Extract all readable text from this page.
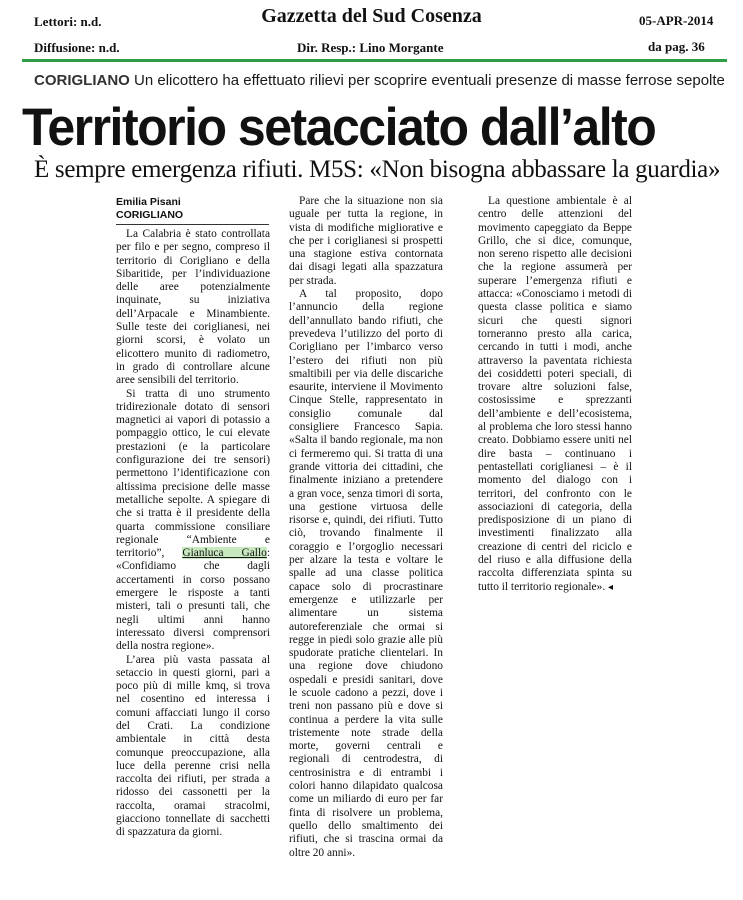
Lettori: n.d.	Gazzetta del Sud Cosenza	05-APR-2014
Diffusione: n.d.	Dir. Resp.: Lino Morgante	da pag. 36
CORIGLIANO Un elicottero ha effettuato rilievi per scoprire eventuali presenze di masse ferrose sepolte
Territorio setacciato dall’alto
È sempre emergenza rifiuti. M5S: «Non bisogna abbassare la guardia»
Emilia Pisani
CORIGLIANO

La Calabria è stato controllata per filo e per segno, compreso il territorio di Corigliano e della Sibaritide, per l’individuazione delle aree potenzialmente inquinate, su iniziativa dell’Arpacale e Minambiente. Sulle teste dei coriglianesi, nei giorni scorsi, è volato un elicottero munito di radiometro, in grado di controllare alcune aree sensibili del territorio.

Si tratta di uno strumento tridirezionale dotato di sensori magnetici ai vapori di potassio a pompaggio ottico, le cui elevate prestazioni (e la particolare configurazione dei tre sensori) permettono l’identificazione con altissima precisione delle masse metalliche sepolte. A spiegare di che si tratta è il presidente della quarta commissione consiliare regionale “Ambiente e territorio”, Gianluca Gallo: «Confidiamo che dagli accertamenti in corso possano emergere le risposte a tanti misteri, tali o presunti tali, che negli ultimi anni hanno interessato diversi comprensori della nostra regione».

L’area più vasta passata al setaccio in questi giorni, pari a poco più di mille kmq, si trova nel cosentino ed interessa i comuni affacciati lungo il corso del Crati. La condizione ambientale in città desta comunque preoccupazione, alla luce della perenne crisi nella raccolta dei rifiuti, per strada a ridosso dei cassonetti per la raccolta, oramai stracolmi, giacciono tonnellate di sacchetti di spazzatura da giorni.

Pare che la situazione non sia uguale per tutta la regione, in vista di modifiche migliorative e che per i coriglianesi si prospetti una stagione estiva contornata dai disagi legati alla spazzatura per strada.

A tal proposito, dopo l’annuncio della regione dell’annullato bando rifiuti, che prevedeva l’utilizzo del porto di Corigliano per l’imbarco verso l’estero dei rifiuti non più smaltibili per via delle discariche esaurite, interviene il Movimento Cinque Stelle, rappresentato in consiglio comunale dal consigliere Francesco Sapia. «Salta il bando regionale, ma non ci fermeremo qui. Si tratta di una grande vittoria dei cittadini, che finalmente iniziano a pretendere a gran voce, senza timori di sorta, una gestione virtuosa delle risorse e, quindi, dei rifiuti. Tutto ciò, trovando finalmente il coraggio e l’orgoglio necessari per alzare la testa e voltare le spalle ad una classe politica capace solo di procrastinare emergenze e utilizzarle per alimentare un sistema autoreferenziale che ormai si regge in piedi solo grazie alle più spudorate pratiche clientelari. In una regione dove chiudono ospedali e presidi sanitari, dove le scuole cadono a pezzi, dove i treni non passano più e dove si continua a perdere la vita sulle tristemente note strade della morte, governi centrali e regionali di centrodestra, di centrosinistra e di entrambi i colori hanno dilapidato qualcosa come un miliardo di euro per far finta di risolvere un problema, quello dello smaltimento dei rifiuti, che si trascina ormai da oltre 20 anni».

La questione ambientale è al centro delle attenzioni del movimento capeggiato da Beppe Grillo, che si dice, comunque, non sereno rispetto alle decisioni che la regione assumerà per superare l’emergenza rifiuti e attacca: «Conosciamo i metodi di questa classe politica e siamo sicuri che questi signori torneranno presto alla carica, cercando in tutti i modi, anche attraverso la paventata richiesta dei cosiddetti poteri speciali, di trovare altre soluzioni false, costosissime e sprezzanti dell’ambiente e dell’ecosistema, al problema che loro stessi hanno creato. Dobbiamo essere uniti nel dire basta – continuano i pentastellati coriglianesi – è il momento del dialogo con i territori, del confronto con le associazioni di categoria, della predisposizione di un piano di investimenti finalizzato alla creazione di centri del riciclo e del riuso e alla diffusione della raccolta differenziata spinta su tutto il territorio regionale». ◂
